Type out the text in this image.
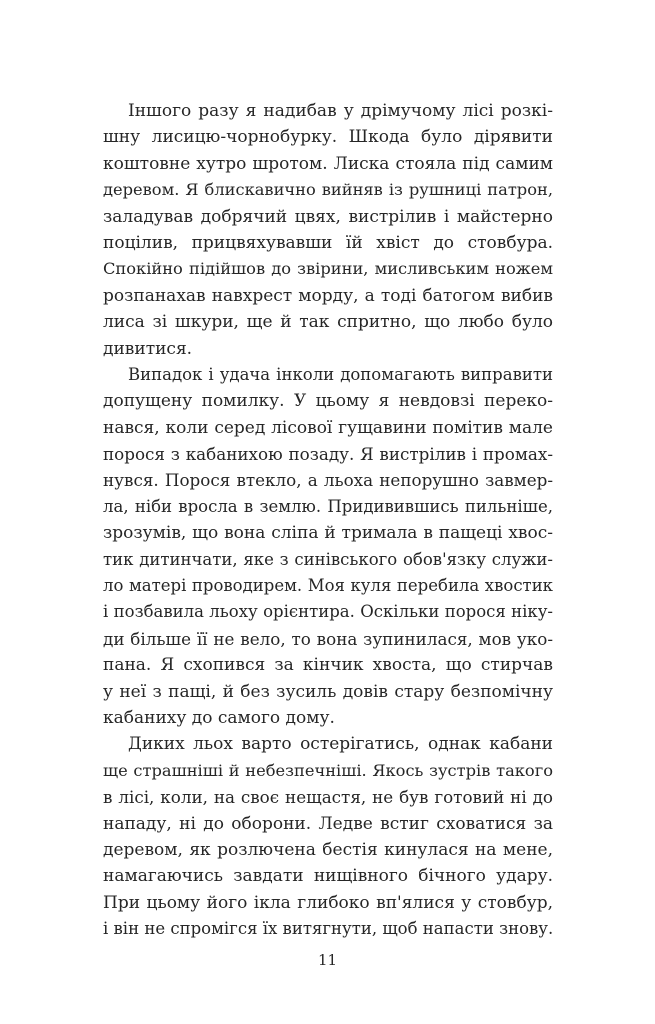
Іншого разу я надибав у дрімучому лісі розкі-
шну лисицю-чорнобурку. Шкода було дірявити
коштовне хутро шротом. Лиска стояла під самим
деревом. Я блискавично вийняв із рушниці патрон,
заладував добрячий цвях, вистрілив і майстерно
поцілив, прицвяхувавши їй хвіст до стовбура.
Спокійно підійшов до звірини, мисливським ножем
розпанахав навхрест морду, а тоді батогом вибив
лиса зі шкури, ще й так спритно, що любо було
дивитися.
Випадок і удача інколи допомагають виправити
допущену помилку. У цьому я невдовзі переко-
нався, коли серед лісової гущавини помітив мале
порося з кабанихою позаду. Я вистрілив і промах-
нувся. Порося втекло, а льоха непорушно завмер-
ла, ніби вросла в землю. Придивившись пильніше,
зрозумів, що вона сліпа й тримала в пащеці хвос-
тик дитинчати, яке з синівського обов'язку служи-
ло матері проводирем. Моя куля перебила хвостик
і позбавила льоху орієнтира. Оскільки порося ніку-
ди більше її не вело, то вона зупинилася, мов уко-
пана. Я схопився за кінчик хвоста, що стирчав
у неї з пащі, й без зусиль довів стару безпомічну
кабаниху до самого дому.
Диких льох варто остерігатись, однак кабани
ще страшніші й небезпечніші. Якось зустрів такого
в лісі, коли, на своє нещастя, не був готовий ні до
нападу, ні до оборони. Ледве встиг сховатися за
деревом, як розлючена бестія кинулася на мене,
намагаючись завдати нищівного бічного удару.
При цьому його ікла глибоко вп'ялися у стовбур,
і він не спромігся їх витягнути, щоб напасти знову.
11
